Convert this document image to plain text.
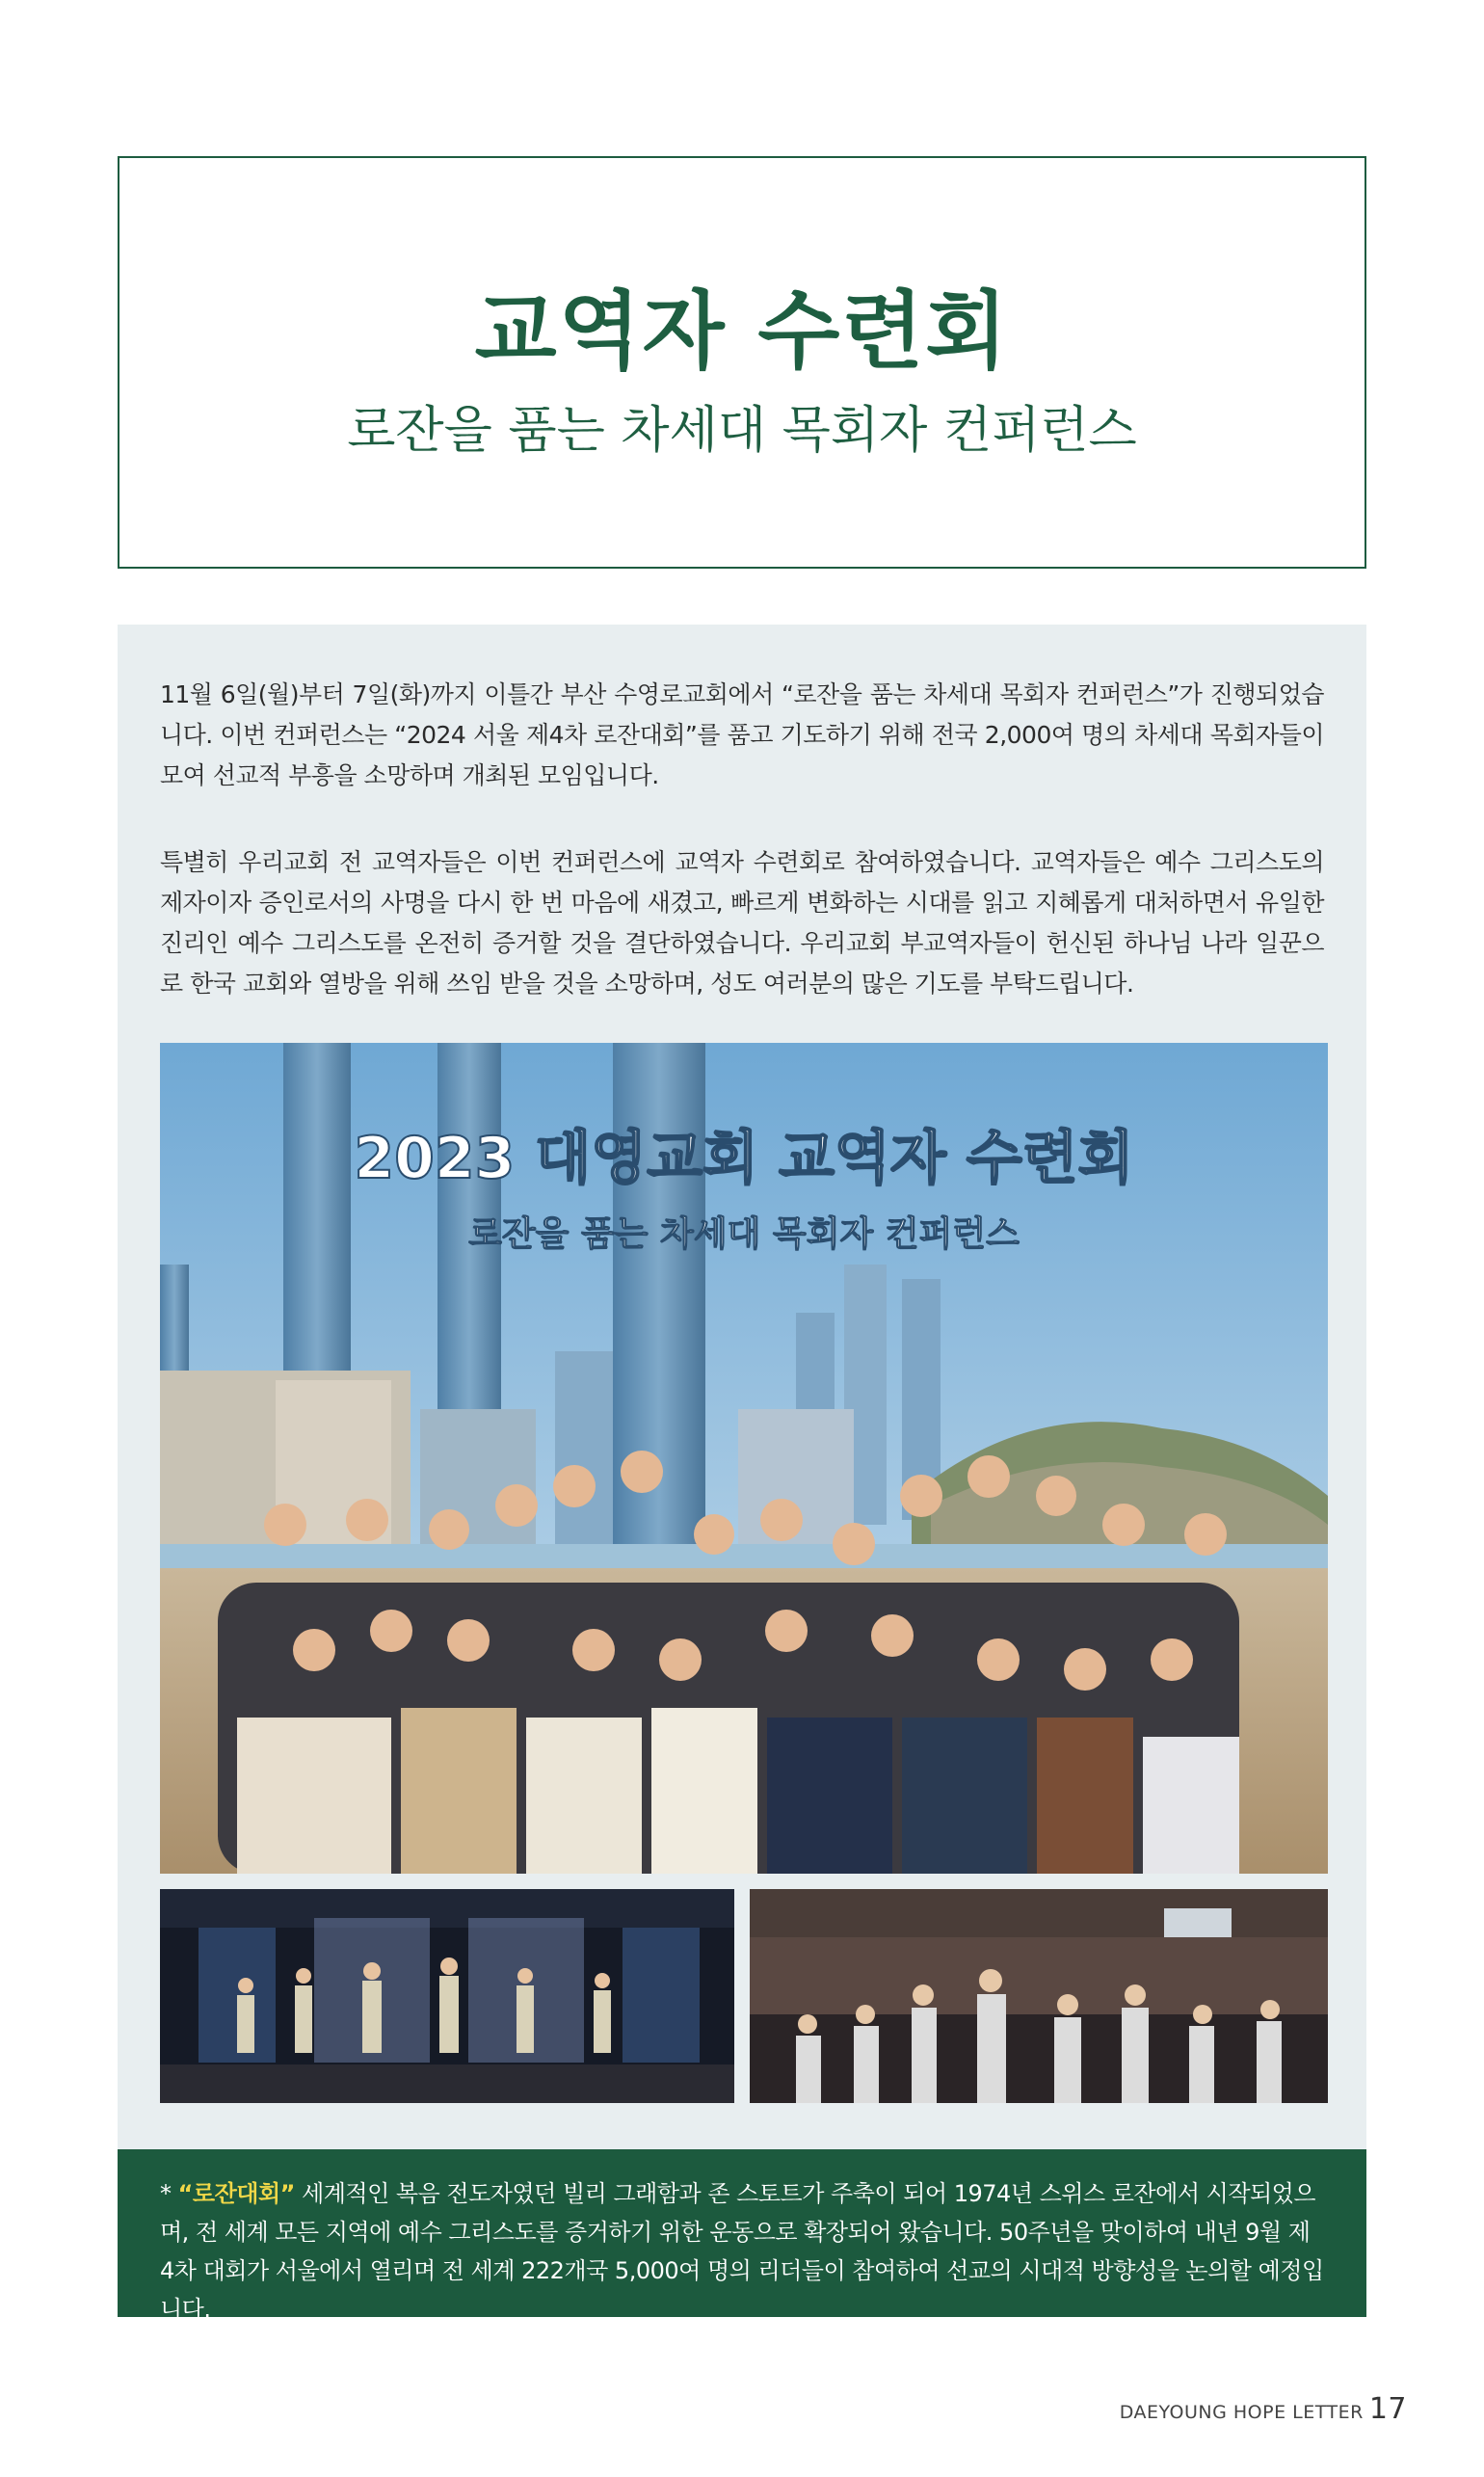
교역자 수련회
로잔을 품는 차세대 목회자 컨퍼런스

11월 6일(월)부터 7일(화)까지 이틀간 부산 수영로교회에서 “로잔을 품는 차세대 목회자 컨퍼런스”가 진행되었습니다. 이번 컨퍼런스는 “2024 서울 제4차 로잔대회”를 품고 기도하기 위해 전국 2,000여 명의 차세대 목회자들이 모여 선교적 부흥을 소망하며 개최된 모임입니다.

특별히 우리교회 전 교역자들은 이번 컨퍼런스에 교역자 수련회로 참여하였습니다. 교역자들은 예수 그리스도의 제자이자 증인로서의 사명을 다시 한 번 마음에 새겼고, 빠르게 변화하는 시대를 읽고 지혜롭게 대처하면서 유일한 진리인 예수 그리스도를 온전히 증거할 것을 결단하였습니다. 우리교회 부교역자들이 헌신된 하나님 나라 일꾼으로 한국 교회와 열방을 위해 쓰임 받을 것을 소망하며, 성도 여러분의 많은 기도를 부탁드립니다.

2023 대영교회 교역자 수련회
로잔을 품는 차세대 목회자 컨퍼런스
* “로잔대회” 세계적인 복음 전도자였던 빌리 그래함과 존 스토트가 주축이 되어 1974년 스위스 로잔에서 시작되었으며, 전 세계 모든 지역에 예수 그리스도를 증거하기 위한 운동으로 확장되어 왔습니다. 50주년을 맞이하여 내년 9월 제4차 대회가 서울에서 열리며 전 세계 222개국 5,000여 명의 리더들이 참여하여 선교의 시대적 방향성을 논의할 예정입니다.
DAEYOUNG HOPE LETTER 17
